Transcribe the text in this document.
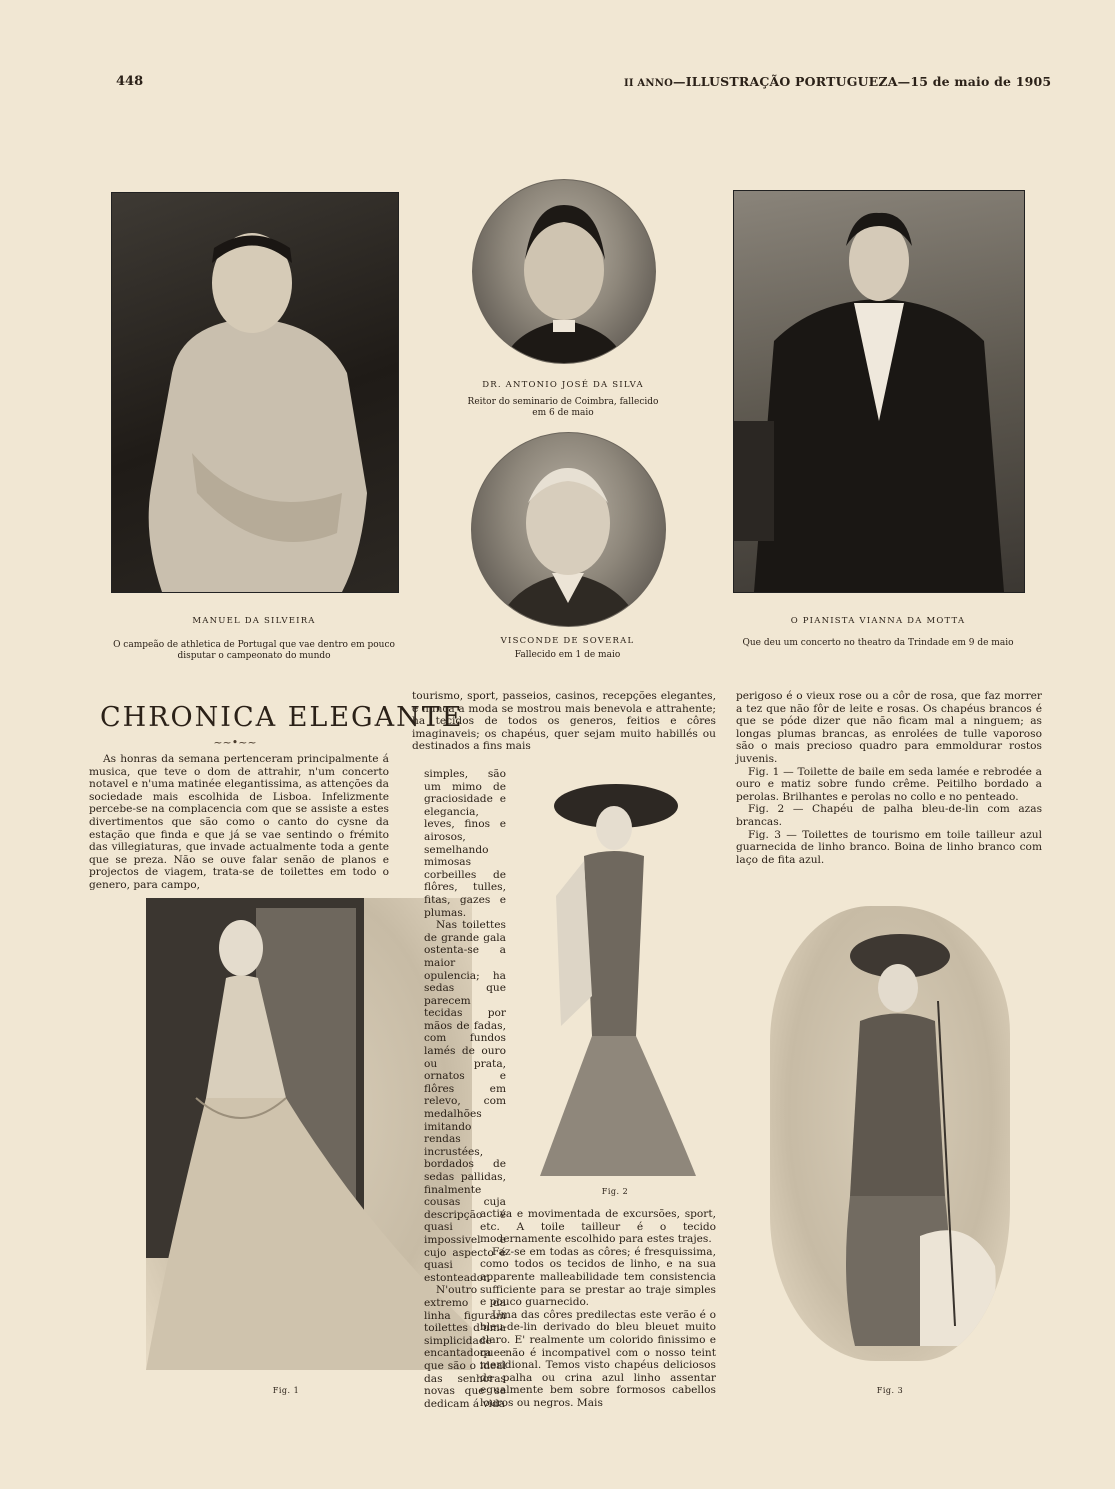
448	II ANNO—ILLUSTRAÇÃO PORTUGUEZA—15 de maio de 1905
MANUEL DA SILVEIRA
O campeão de athletica de Portugal que vae dentro em pouco disputar o campeonato do mundo
DR. ANTONIO JOSÉ DA SILVA
Reitor do seminario de Coimbra, fallecido em 6 de maio
VISCONDE DE SOVERAL
Fallecido em 1 de maio
O PIANISTA VIANNA DA MOTTA
Que deu um concerto no theatro da Trindade em 9 de maio
CHRONICA ELEGANTE
~~•~~

As honras da semana pertenceram principalmente á musica, que teve o dom de attrahir, n'um concerto notavel e n'uma matinée elegantissima, as attenções da sociedade mais escolhida de Lisboa. Infelizmente percebe-se na complacencia com que se assiste a estes divertimentos que são como o canto do cysne da estação que finda e que já se vae sentindo o frémito das villegiaturas, que invade actualmente toda a gente que se preza. Não se ouve falar senão de planos e projectos de viagem, trata-se de toilettes em todo o genero, para campo,

Fig. 1

tourismo, sport, passeios, casinos, recepções elegantes, e nunca a moda se mostrou mais benevola e attrahente; ha tecidos de todos os generos, feitios e côres imaginaveis; os chapéus, quer sejam muito habillés ou destinados a fins mais

simples, são um mimo de graciosidade e elegancia, leves, finos e airosos, semelhando mimosas corbeilles de flôres, tulles, fitas, gazes e plumas.

Nas toilettes de grande gala ostenta-se a maior opulencia; ha sedas que parecem tecidas por mãos de fadas, com fundos lamés de ouro ou prata, ornatos e flôres em relevo, com medalhões imitando rendas incrustées, bordados de sedas pallidas, finalmente cousas cuja descripção é quasi impossivel e cujo aspecto é quasi estonteador.

N'outro extremo da linha figuram toilettes d'uma simplicidade encantadora e que são o ideal das senhoras novas que se dedicam á vida

Fig. 2

activa e movimentada de excursões, sport, etc. A toile tailleur é o tecido modernamente escolhido para estes trajes.

Faz-se em todas as côres; é fresquissima, como todos os tecidos de linho, e na sua apparente malleabilidade tem consistencia sufficiente para se prestar ao traje simples e pouco guarnecido.

Uma das côres predilectas este verão é o bleu-de-lin derivado do bleu bleuet muito claro. E' realmente um colorido finissimo e que não é incompativel com o nosso teint meridional. Temos visto chapéus deliciosos de palha ou crina azul linho assentar egualmente bem sobre formosos cabellos louros ou negros. Mais

perigoso é o vieux rose ou a côr de rosa, que faz morrer a tez que não fôr de leite e rosas. Os chapéus brancos é que se póde dizer que não ficam mal a ninguem; as longas plumas brancas, as enrolées de tulle vaporoso são o mais precioso quadro para emmoldurar rostos juvenis.

Fig. 1 — Toilette de baile em seda lamée e rebrodée a ouro e matiz sobre fundo crême. Peitilho bordado a perolas. Brilhantes e perolas no collo e no penteado.

Fig. 2 — Chapéu de palha bleu-de-lin com azas brancas.

Fig. 3 — Toilettes de tourismo em toile tailleur azul guarnecida de linho branco. Boina de linho branco com laço de fita azul.

Fig. 3
